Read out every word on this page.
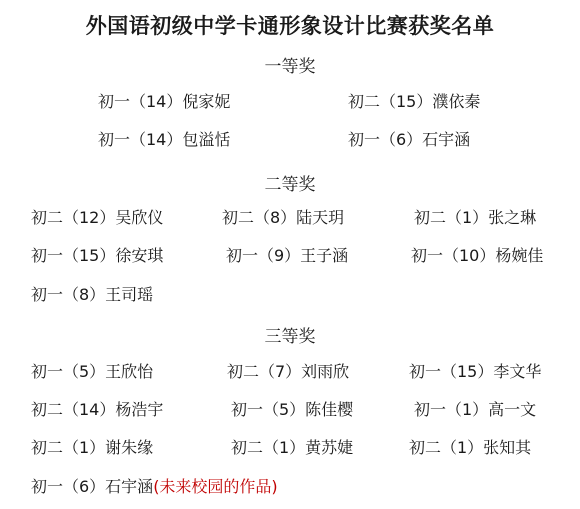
外国语初级中学卡通形象设计比赛获奖名单
一等奖
初一（14）倪家妮	初二（15）濮依秦
初一（14）包溢恬	初一（6）石宇涵
二等奖
初二（12）吴欣仪	初二（8）陆天玥	初二（1）张之琳
初一（15）徐安琪	初一（9）王子涵	初一（10）杨婉佳
初一（8）王司瑶
三等奖
初一（5）王欣怡	初二（7）刘雨欣	初一（15）李文华
初二（14）杨浩宇	初一（5）陈佳樱	初一（1）高一文
初二（1）谢朱缘	初二（1）黄苏婕	初二（1）张知其
初一（6）石宇涵(未来校园的作品)
